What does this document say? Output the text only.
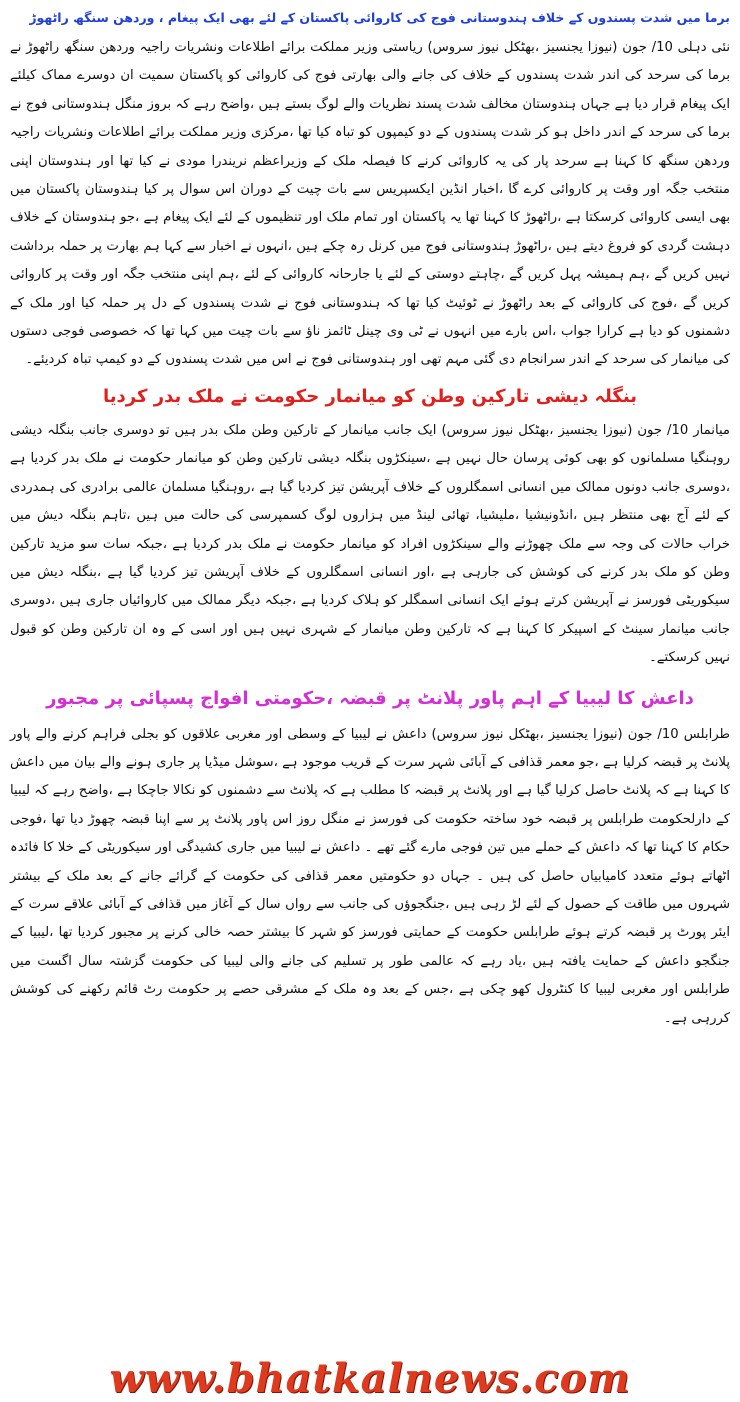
برما میں شدت پسندوں کے خلاف ہندوستانی فوج کی کاروائی پاکستان کے لئے بھی ایک پیغام ، وردھن سنگھ راٹھوڑ

نئی دہلی 10/ جون (نیوزا یجنسیز ،بھٹکل نیوز سروس) ریاستی وزیر مملکت برائے اطلاعات ونشریات راجیہ وردھن سنگھ راٹھوڑ نے برما کی سرحد کی اندر شدت پسندوں کے خلاف کی جانے والی بھارتی فوج کی کاروائی کو پاکستان سمیت ان دوسرے مماک کیلئے ایک پیغام قرار دیا ہے جہاں ہندوستان مخالف شدت پسند نظریات والے لوگ بستے ہیں ،واضح رہے کہ بروز منگل ہندوستانی فوج نے برما کی سرحد کے اندر داخل ہو کر شدت پسندوں کے دو کیمپوں کو تباہ کیا تھا ،مرکزی وزیر مملکت برائے اطلاعات ونشریات راجیہ وردھن سنگھ کا کہنا ہے سرحد پار کی یہ کاروائی کرنے کا فیصلہ ملک کے وزیراعظم نریندرا مودی نے کیا تھا اور ہندوستان اپنی منتخب جگہ اور وقت پر کاروائی کرے گا ،اخبار انڈین ایکسپریس سے بات چیت کے دوران اس سوال پر کیا ہندوستان پاکستان میں بھی ایسی کاروائی کرسکتا ہے ،راٹھوڑ کا کہنا تھا یہ پاکستان اور تمام ملک اور تنظیموں کے لئے ایک پیغام ہے ،جو ہندوستان کے خلاف دہشت گردی کو فروغ دیتے ہیں ،راٹھوڑ ہندوستانی فوج میں کرنل رہ چکے ہیں ،انہوں نے اخبار سے کہا ہم بھارت پر حملہ برداشت نہیں کریں گے ،ہم ہمیشہ پہل کریں گے ،چاہتے دوستی کے لئے یا جارحانہ کاروائی کے لئے ،ہم اپنی منتخب جگہ اور وقت پر کاروائی کریں گے ،فوج کی کاروائی کے بعد راٹھوڑ نے ٹوئیٹ کیا تھا کہ ہندوستانی فوج نے شدت پسندوں کے دل پر حملہ کیا اور ملک کے دشمنوں کو دیا ہے کرارا جواب ،اس بارے میں انہوں نے ٹی وی چینل ٹائمز ناؤ سے بات چیت میں کہا تھا کہ خصوصی فوجی دستوں کی میانمار کی سرحد کے اندر سرانجام دی گئی مہم تھی اور ہندوستانی فوج نے اس میں شدت پسندوں کے دو کیمپ تباہ کردیئے۔

بنگلہ دیشی تارکین وطن کو میانمار حکومت نے ملک بدر کردیا

میانمار 10/ جون (نیوزا یجنسیز ،بھٹکل نیوز سروس) ایک جانب میانمار کے تارکین وطن ملک بدر ہیں تو دوسری جانب بنگلہ دیشی روہنگیا مسلمانوں کو بھی کوئی پرسان حال نہیں ہے ،سینکڑوں بنگلہ دیشی تارکین وطن کو میانمار حکومت نے ملک بدر کردیا ہے ،دوسری جانب دونوں ممالک میں انسانی اسمگلروں کے خلاف آپریشن تیز کردیا گیا ہے ،روہنگیا مسلمان عالمی برادری کی ہمدردی کے لئے آج بھی منتظر ہیں ،انڈونیشیا ،ملیشیا، تھائی لینڈ میں ہزاروں لوگ کسمپرسی کی حالت میں ہیں ،تاہم بنگلہ دیش میں خراب حالات کی وجہ سے ملک چھوڑنے والے سینکڑوں افراد کو میانمار حکومت نے ملک بدر کردیا ہے ،جبکہ سات سو مزید تارکین وطن کو ملک بدر کرنے کی کوشش کی جارہی ہے ،اور انسانی اسمگلروں کے خلاف آپریشن تیز کردیا گیا ہے ،بنگلہ دیش میں سیکوریٹی فورسز نے آپریشن کرتے ہوئے ایک انسانی اسمگلر کو ہلاک کردیا ہے ،جبکہ دیگر ممالک میں کاروائیاں جاری ہیں ،دوسری جانب میانمار سینٹ کے اسپیکر کا کہنا ہے کہ تارکین وطن میانمار کے شہری نہیں ہیں اور اسی کے وہ ان تارکین وطن کو قبول نہیں کرسکتے۔

داعش کا لیبیا کے اہم پاور پلانٹ پر قبضہ ،حکومتی افواج پسپائی پر مجبور

طرابلس 10/ جون (نیوزا یجنسیز ،بھٹکل نیوز سروس) داعش نے لیبیا کے وسطی اور مغربی علاقوں کو بجلی فراہم کرنے والے پاور پلانٹ پر قبضہ کرلیا ہے ،جو معمر قذافی کے آبائی شہر سرت کے قریب موجود ہے ،سوشل میڈیا پر جاری ہونے والے بیان میں داعش کا کہنا ہے کہ پلانٹ حاصل کرلیا گیا ہے اور پلانٹ پر قبضہ کا مطلب ہے کہ پلانٹ سے دشمنوں کو نکالا جاچکا ہے ،واضح رہے کہ لیبیا کے دارلحکومت طرابلس پر قبضہ خود ساختہ حکومت کی فورسز نے منگل روز اس پاور پلانٹ پر سے اپنا قبضہ چھوڑ دیا تھا ،فوجی حکام کا کہنا تھا کہ داعش کے حملے میں تین فوجی مارے گئے تھے ۔ داعش نے لیبیا میں جاری کشیدگی اور سیکوریٹی کے خلا کا فائدہ اٹھاتے ہوئے متعدد کامیابیاں حاصل کی ہیں ۔ جہاں دو حکومتیں معمر قذافی کی حکومت کے گرائے جانے کے بعد ملک کے بیشتر شہروں میں طاقت کے حصول کے لئے لڑ رہی ہیں ،جنگجوؤں کی جانب سے رواں سال کے آغاز میں قذافی کے آبائی علاقے سرت کے ایئر پورٹ پر قبضہ کرتے ہوئے طرابلس حکومت کے حمایتی فورسز کو شہر کا بیشتر حصہ خالی کرنے پر مجبور کردیا تھا ،لیبیا کے جنگجو داعش کے حمایت یافتہ ہیں ،یاد رہے کہ عالمی طور پر تسلیم کی جانے والی لیبیا کی حکومت گزشتہ سال اگست میں طرابلس اور مغربی لیبیا کا کنٹرول کھو چکی ہے ،جس کے بعد وہ ملک کے مشرقی حصے پر حکومت رٹ قائم رکھنے کی کوشش کررہی ہے۔

www.bhatkalnews.com
